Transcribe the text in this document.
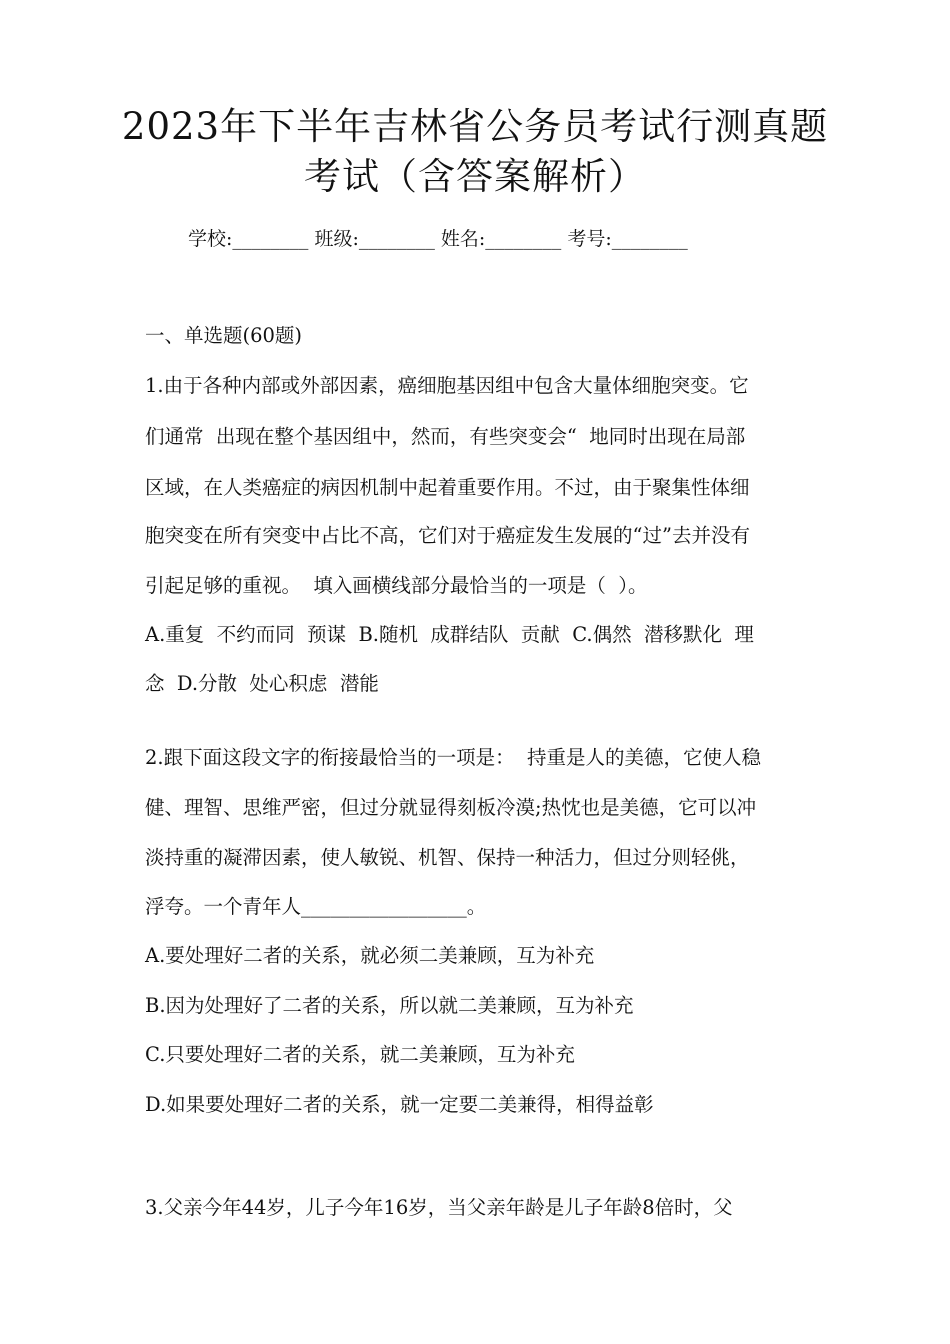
2023年下半年吉林省公务员考试行测真题
考试（含答案解析）
学校:________ 班级:________ 姓名:________ 考号:________
一、单选题(60题)
1.由于各种内部或外部因素，癌细胞基因组中包含大量体细胞突变。它
们通常  出现在整个基因组中，然而，有些突变会“  地同时出现在局部
区域，在人类癌症的病因机制中起着重要作用。不过，由于聚集性体细
胞突变在所有突变中占比不高，它们对于癌症发生发展的“过”去并没有
引起足够的重视。  填入画横线部分最恰当的一项是（  ）。
A.重复  不约而同  预谋  B.随机  成群结队  贡献  C.偶然  潜移默化  理
念  D.分散  处心积虑  潜能
2.跟下面这段文字的衔接最恰当的一项是：  持重是人的美德，它使人稳
健、理智、思维严密，但过分就显得刻板冷漠;热忱也是美德，它可以冲
淡持重的凝滞因素，使人敏锐、机智、保持一种活力，但过分则轻佻，
浮夸。一个青年人_________________。
A.要处理好二者的关系，就必须二美兼顾，互为补充
B.因为处理好了二者的关系，所以就二美兼顾，互为补充
C.只要处理好二者的关系，就二美兼顾，互为补充
D.如果要处理好二者的关系，就一定要二美兼得，相得益彰
3.父亲今年44岁，儿子今年16岁，当父亲年龄是儿子年龄8倍时，父
